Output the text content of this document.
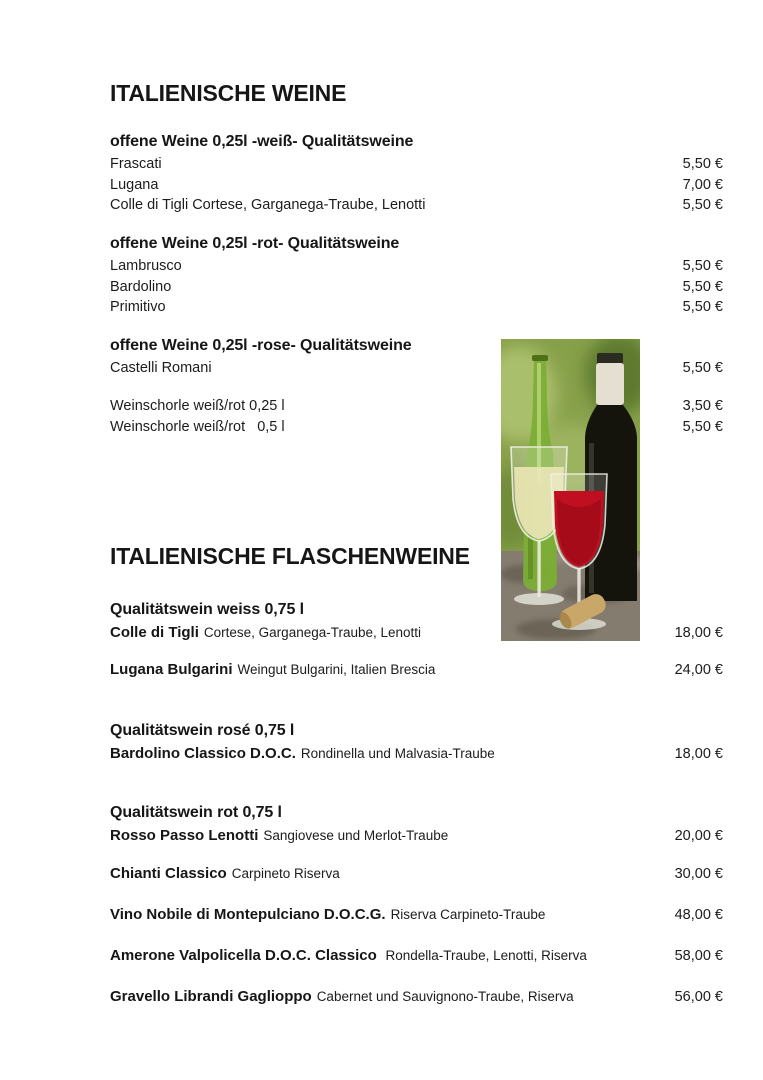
ITALIENISCHE WEINE
offene Weine 0,25l -weiß- Qualitätsweine
Frascati	5,50 €
Lugana	7,00 €
Colle di Tigli Cortese, Garganega-Traube, Lenotti	5,50 €
offene Weine 0,25l -rot- Qualitätsweine
Lambrusco	5,50 €
Bardolino	5,50 €
Primitivo	5,50 €
offene Weine 0,25l -rose- Qualitätsweine
Castelli Romani	5,50 €
Weinschorle weiß/rot 0,25 l	3,50 €
Weinschorle weiß/rot   0,5 l	5,50 €
ITALIENISCHE FLASCHENWEINE
Qualitätswein weiss 0,75 l
Colle di Tigli Cortese, Garganega-Traube, Lenotti	18,00 €
Lugana Bulgarini Weingut Bulgarini, Italien Brescia	24,00 €
Qualitätswein rosé 0,75 l
Bardolino Classico D.O.C. Rondinella und Malvasia-Traube	18,00 €
Qualitätswein rot 0,75 l
Rosso Passo Lenotti Sangiovese und Merlot-Traube	20,00 €
Chianti Classico Carpineto Riserva	30,00 €
Vino Nobile di Montepulciano D.O.C.G. Riserva Carpineto-Traube	48,00 €
Amerone Valpolicella D.O.C. Classico Rondella-Traube, Lenotti, Riserva	58,00 €
Gravello Librandi Gaglioppo Cabernet und Sauvignono-Traube, Riserva	56,00 €
